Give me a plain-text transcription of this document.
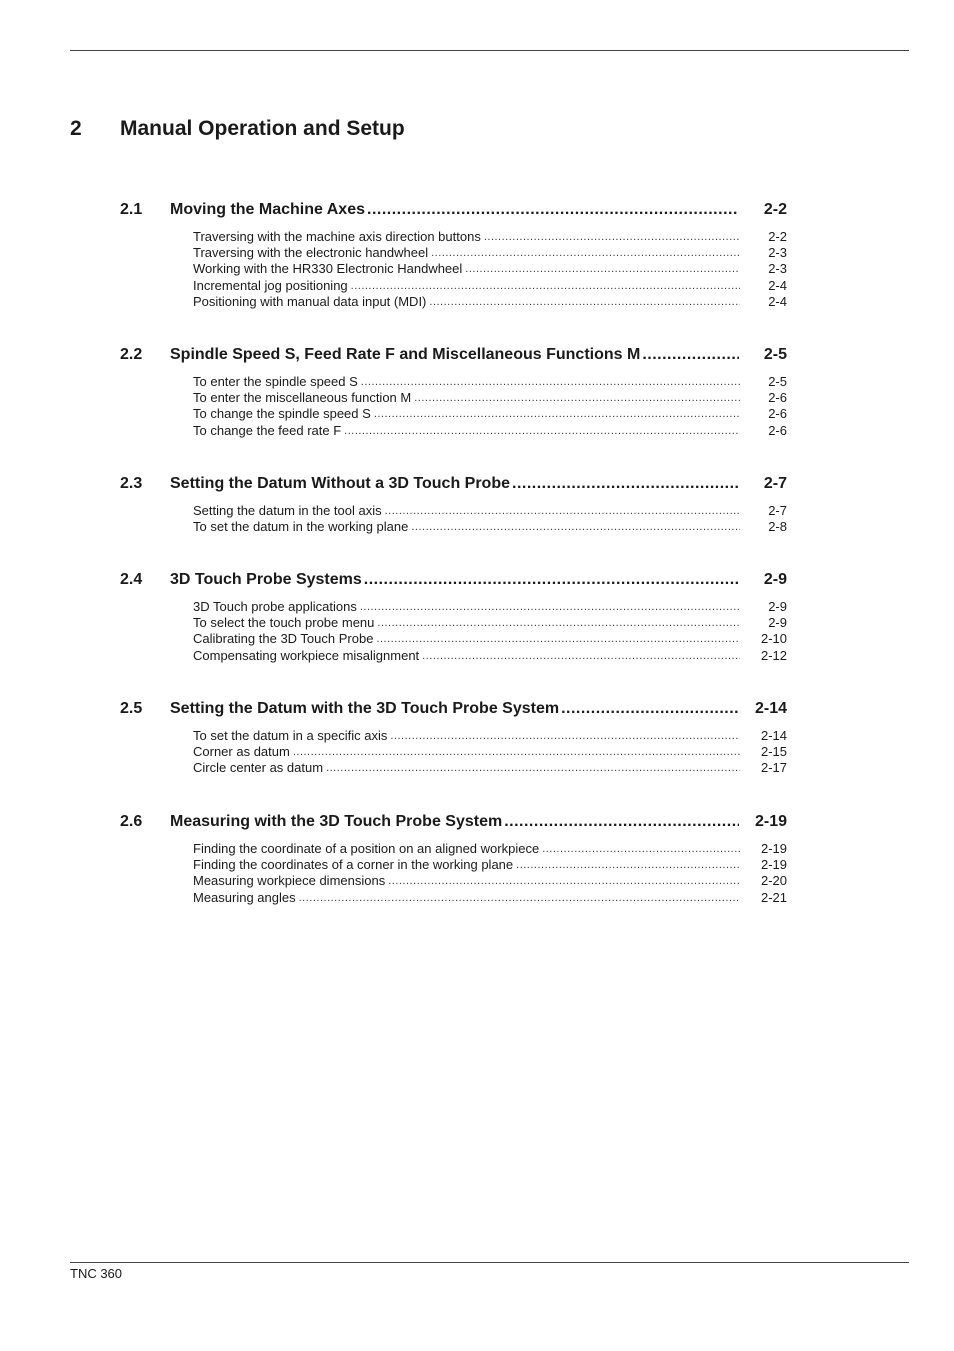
2 Manual Operation and Setup
2.1 Moving the Machine Axes .....	2-2
Traversing with the machine axis direction buttons .....	2-2
Traversing with the electronic handwheel .....	2-3
Working with the HR330 Electronic Handwheel .....	2-3
Incremental jog positioning .....	2-4
Positioning with manual data input (MDI) .....	2-4
2.2 Spindle Speed S, Feed Rate F and Miscellaneous Functions M .....	2-5
To enter the spindle speed S .....	2-5
To enter the miscellaneous function M .....	2-6
To change the spindle speed S .....	2-6
To change the feed rate F .....	2-6
2.3 Setting the Datum Without a 3D Touch Probe .....	2-7
Setting the datum in the tool axis .....	2-7
To set the datum in the working plane .....	2-8
2.4 3D Touch Probe Systems .....	2-9
3D Touch probe applications .....	2-9
To select the touch probe menu .....	2-9
Calibrating the 3D Touch Probe .....	2-10
Compensating workpiece misalignment .....	2-12
2.5 Setting the Datum with the 3D Touch Probe System .....	2-14
To set the datum in a specific axis .....	2-14
Corner as datum .....	2-15
Circle center as datum .....	2-17
2.6 Measuring with the 3D Touch Probe System .....	2-19
Finding the coordinate of a position on an aligned workpiece .....	2-19
Finding the coordinates of a corner in the working plane .....	2-19
Measuring workpiece dimensions .....	2-20
Measuring angles .....	2-21
TNC 360
